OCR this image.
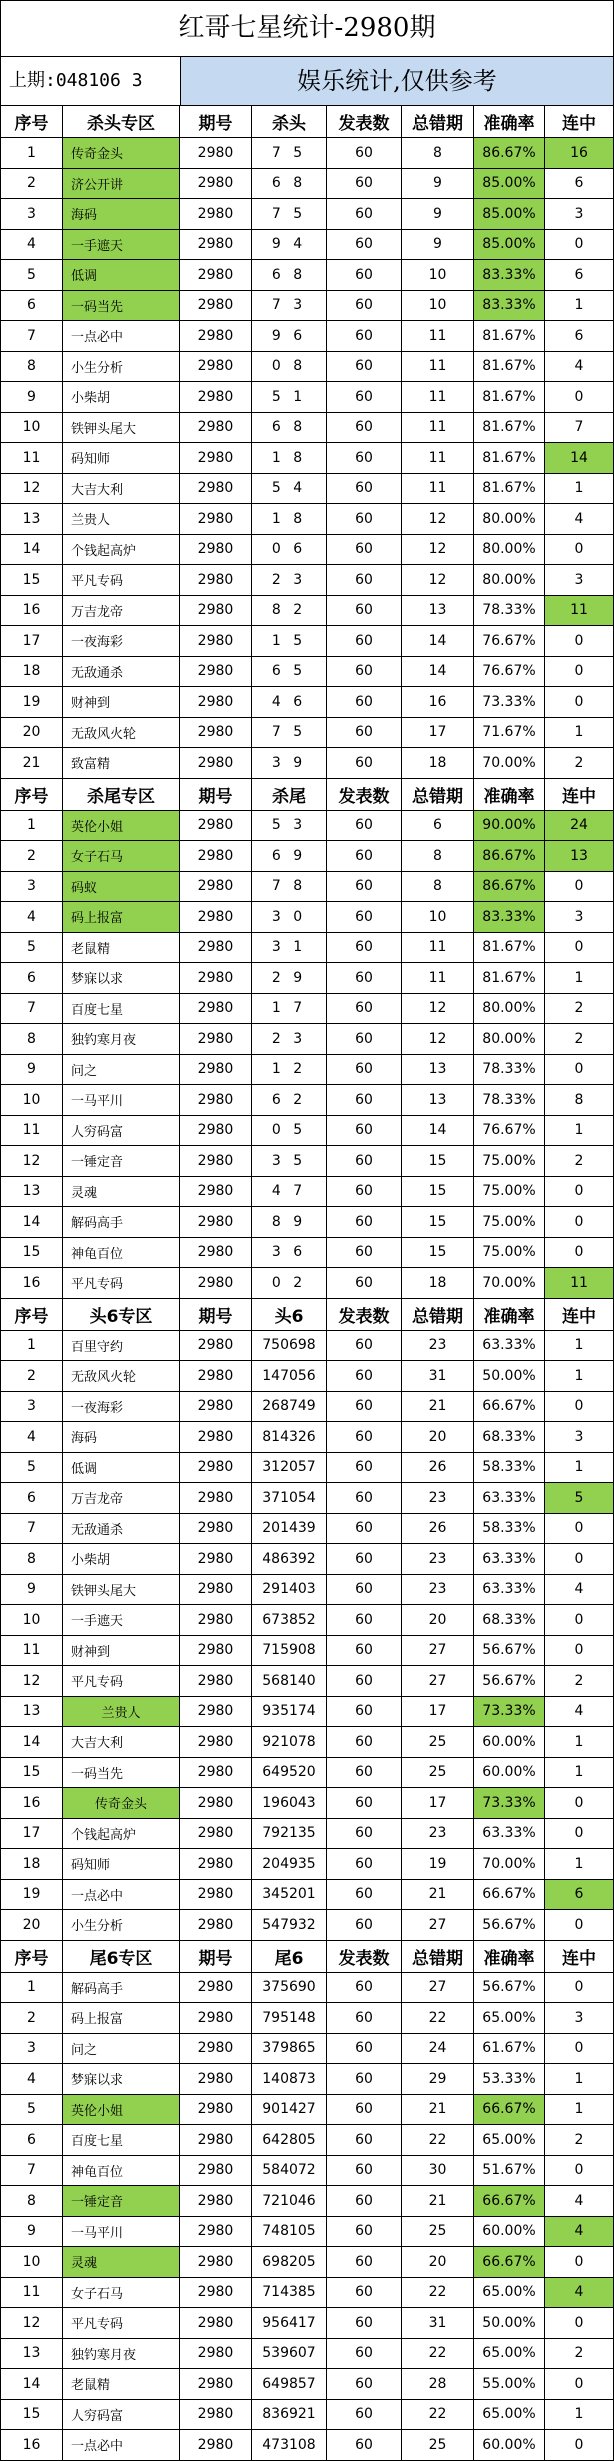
红哥七星统计-2980期
上期:048106 3	娱乐统计,仅供参考
序号	杀头专区	期号	杀头	发表数	总错期	准确率	连中
1	传奇金头	2980	7 5	60	8	86.67%	16
2	济公开讲	2980	6 8	60	9	85.00%	6
3	海码	2980	7 5	60	9	85.00%	3
4	一手遮天	2980	9 4	60	9	85.00%	0
5	低调	2980	6 8	60	10	83.33%	6
6	一码当先	2980	7 3	60	10	83.33%	1
7	一点必中	2980	9 6	60	11	81.67%	6
8	小生分析	2980	0 8	60	11	81.67%	4
9	小柴胡	2980	5 1	60	11	81.67%	0
10	铁钾头尾大	2980	6 8	60	11	81.67%	7
11	码知师	2980	1 8	60	11	81.67%	14
12	大吉大利	2980	5 4	60	11	81.67%	1
13	兰贵人	2980	1 8	60	12	80.00%	4
14	个钱起高炉	2980	0 6	60	12	80.00%	0
15	平凡专码	2980	2 3	60	12	80.00%	3
16	万吉龙帝	2980	8 2	60	13	78.33%	11
17	一夜海彩	2980	1 5	60	14	76.67%	0
18	无敌通杀	2980	6 5	60	14	76.67%	0
19	财神到	2980	4 6	60	16	73.33%	0
20	无敌风火轮	2980	7 5	60	17	71.67%	1
21	致富精	2980	3 9	60	18	70.00%	2
序号	杀尾专区	期号	杀尾	发表数	总错期	准确率	连中
1	英伦小姐	2980	5 3	60	6	90.00%	24
2	女子石马	2980	6 9	60	8	86.67%	13
3	码蚁	2980	7 8	60	8	86.67%	0
4	码上报富	2980	3 0	60	10	83.33%	3
5	老鼠精	2980	3 1	60	11	81.67%	0
6	梦寐以求	2980	2 9	60	11	81.67%	1
7	百度七星	2980	1 7	60	12	80.00%	2
8	独钓寒月夜	2980	2 3	60	12	80.00%	2
9	问之	2980	1 2	60	13	78.33%	0
10	一马平川	2980	6 2	60	13	78.33%	8
11	人穷码富	2980	0 5	60	14	76.67%	1
12	一锤定音	2980	3 5	60	15	75.00%	2
13	灵魂	2980	4 7	60	15	75.00%	0
14	解码高手	2980	8 9	60	15	75.00%	0
15	神龟百位	2980	3 6	60	15	75.00%	0
16	平凡专码	2980	0 2	60	18	70.00%	11
序号	头6专区	期号	头6	发表数	总错期	准确率	连中
1	百里守约	2980	750698	60	23	63.33%	1
2	无敌风火轮	2980	147056	60	31	50.00%	1
3	一夜海彩	2980	268749	60	21	66.67%	0
4	海码	2980	814326	60	20	68.33%	3
5	低调	2980	312057	60	26	58.33%	1
6	万吉龙帝	2980	371054	60	23	63.33%	5
7	无敌通杀	2980	201439	60	26	58.33%	0
8	小柴胡	2980	486392	60	23	63.33%	0
9	铁钾头尾大	2980	291403	60	23	63.33%	4
10	一手遮天	2980	673852	60	20	68.33%	0
11	财神到	2980	715908	60	27	56.67%	0
12	平凡专码	2980	568140	60	27	56.67%	2
13	兰贵人	2980	935174	60	17	73.33%	4
14	大吉大利	2980	921078	60	25	60.00%	1
15	一码当先	2980	649520	60	25	60.00%	1
16	传奇金头	2980	196043	60	17	73.33%	0
17	个钱起高炉	2980	792135	60	23	63.33%	0
18	码知师	2980	204935	60	19	70.00%	1
19	一点必中	2980	345201	60	21	66.67%	6
20	小生分析	2980	547932	60	27	56.67%	0
序号	尾6专区	期号	尾6	发表数	总错期	准确率	连中
1	解码高手	2980	375690	60	27	56.67%	0
2	码上报富	2980	795148	60	22	65.00%	3
3	问之	2980	379865	60	24	61.67%	0
4	梦寐以求	2980	140873	60	29	53.33%	1
5	英伦小姐	2980	901427	60	21	66.67%	1
6	百度七星	2980	642805	60	22	65.00%	2
7	神龟百位	2980	584072	60	30	51.67%	0
8	一锤定音	2980	721046	60	21	66.67%	4
9	一马平川	2980	748105	60	25	60.00%	4
10	灵魂	2980	698205	60	20	66.67%	0
11	女子石马	2980	714385	60	22	65.00%	4
12	平凡专码	2980	956417	60	31	50.00%	0
13	独钓寒月夜	2980	539607	60	22	65.00%	2
14	老鼠精	2980	649857	60	28	55.00%	0
15	人穷码富	2980	836921	60	22	65.00%	1
16	一点必中	2980	473108	60	25	60.00%	0
